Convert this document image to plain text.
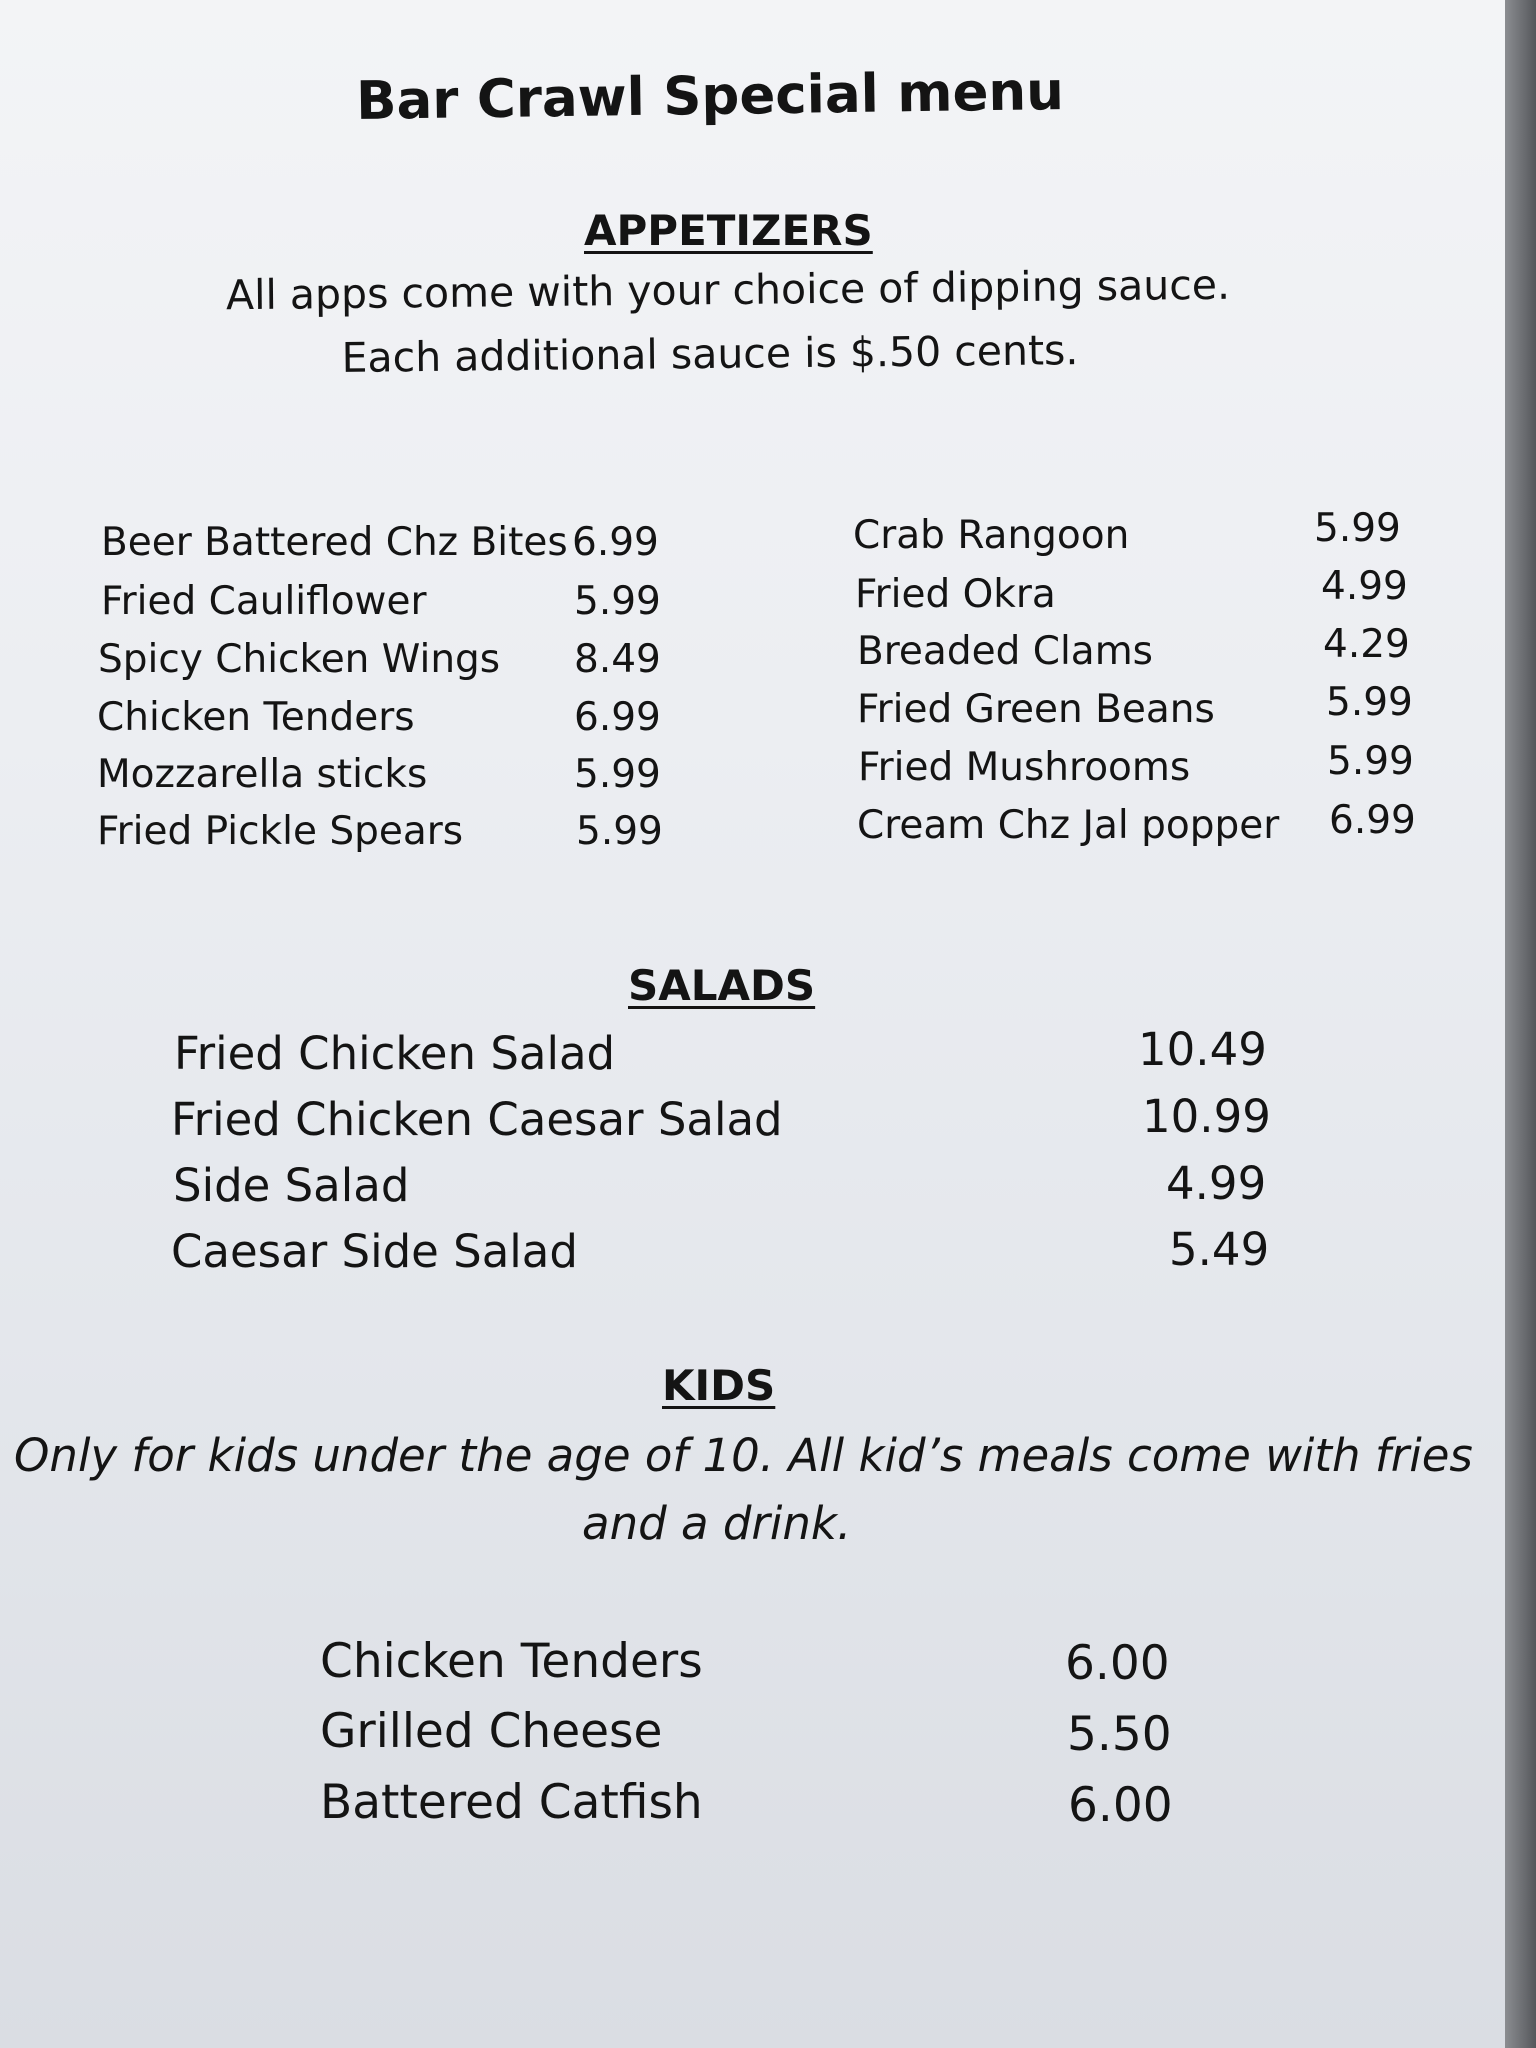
Bar Crawl Special menu
APPETIZERS
All apps come with your choice of dipping sauce.
Each additional sauce is $.50 cents.
Beer Battered Chz Bites 6.99
Fried Cauliflower	5.99
Spicy Chicken Wings 8.49
Chicken Tenders	6.99
Mozzarella sticks	5.99
Fried Pickle Spears	5.99
Crab Rangoon	5.99
Fried Okra	4.99
Breaded Clams	4.29
Fried Green Beans	5.99
Fried Mushrooms	5.99
Cream Chz Jal popper 6.99
SALADS
Fried Chicken Salad	10.49
Fried Chicken Caesar Salad	10.99
Side Salad	4.99
Caesar Side Salad	5.49
KIDS
Only for kids under the age of 10. All kid’s meals come with fries
and a drink.
Chicken Tenders	6.00
Grilled Cheese	5.50
Battered Catfish	6.00
